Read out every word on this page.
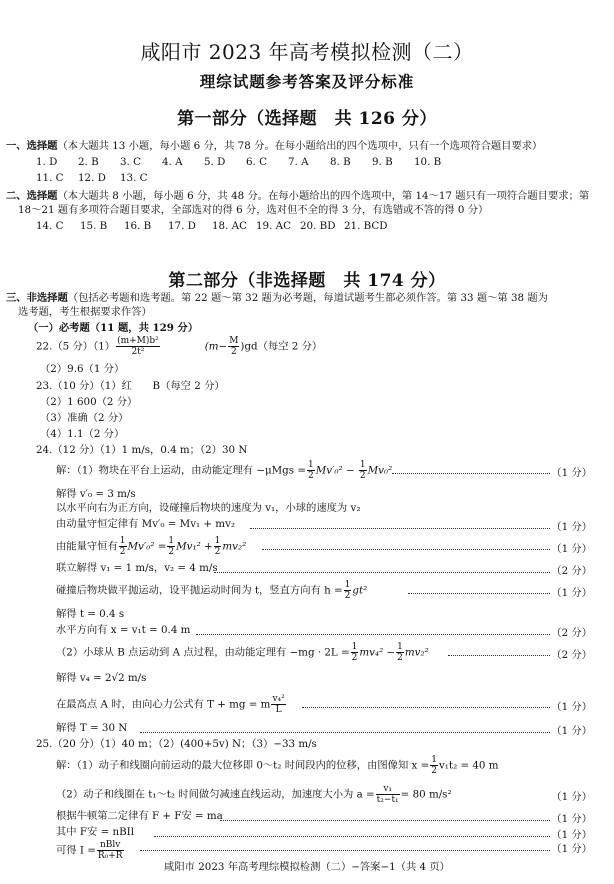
咸阳市 2023 年高考模拟检测（二）
理综试题参考答案及评分标准
第一部分（选择题　共 126 分）
一、选择题（本大题共 13 小题，每小题 6 分，共 78 分。在每小题给出的四个选项中，只有一个选项符合题目要求）
1. D 2. B 3. C 4. A 5. D 6. C 7. A 8. B 9. B 10. B
11. C 12. D 13. C
二、选择题（本大题共 8 小题，每小题 6 分，共 48 分。在每小题给出的四个选项中，第 14～17 题只有一项符合题目要求；第
18～21 题有多项符合题目要求，全部选对的得 6 分，选对但不全的得 3 分，有选错或不答的得 0 分）
14. C 15. B 16. B 17. D 18. AC 19. AC 20. BD 21. BCD
第二部分（非选择题　共 174 分）
三、非选择题（包括必考题和选考题。第 22 题～第 32 题为必考题，每道试题考生都必须作答。第 33 题～第 38 题为
选考题，考生根据要求作答）
（一）必考题（11 题，共 129 分）
22.（5 分）$(1) \frac{\text{(m+M)b²}}{\text{2t²}}$	$(m- \frac{M}{2} )gd$（每空 2 分）
（2）9.6（1 分）
23.（10 分）（1）红　　B（每空 2 分）
（2）1 600（2 分）
（3）准确（2 分）
（4）1.1（2 分）
24.（12 分）（1）1 m/s，0.4 m；（2）30 N
解：（1）物块在平台上运动，由动能定理有 $-\mu Mgs = \frac{1}{2} Mv'_0^2 - \frac{1}{2} Mv_0^2$	（1 分）
解得 v′₀ = 3 m/s
以水平向右为正方向，设碰撞后物块的速度为 v₁，小球的速度为 v₂
由动量守恒定律有 Mv′₀ = Mv₁ + mv₂	（1 分）
由能量守恒有 $\frac{1}{2} Mv'_0^2 = \frac{1}{2} Mv_1^2 + \frac{1}{2} mv_2^2$	（1 分）
联立解得 v₁ = 1 m/s，v₂ = 4 m/s	（2 分）
碰撞后物块做平抛运动，设平抛运动时间为 t，竖直方向有 $h = \frac{1}{2} gt^2$	（1 分）
解得 t = 0.4 s
水平方向有 x = v₁t = 0.4 m	（2 分）
（2）小球从 B 点运动到 A 点过程，由动能定理有 $-mg \cdot 2L = \frac{1}{2} mv_4^2 - \frac{1}{2} mv_2^2$	（2 分）
解得 v₄ = 2√2 m/s
在最高点 A 时，由向心力公式有 T + mg = m $\frac{\text{v₄²}}{L}$	（1 分）
解得 T = 30 N	（1 分）
25.（20 分）（1）40 m；（2）(400+5v) N；（3）−33 m/s
解：（1）动子和线圈向前运动的最大位移即 0～t₂ 时间段内的位移，由图像知 $x = \frac{1}{2} v_1t_2 = 40$ m
（2）动子和线圈在 t₁～t₂ 时间做匀减速直线运动，加速度大小为 $a = \frac{\text{v₁}}{\text{t₂−t₁}} = 80$ m/s²	（1 分）
根据牛顿第二定律有 F + F安 = ma	（1 分）
其中 F安 = nBIl	（1 分）
可得 $I = \frac{\text{nBlv}}{\text{R₀+R}}$	（1 分）
咸阳市 2023 年高考理综模拟检测（二）−答案−1（共 4 页）
